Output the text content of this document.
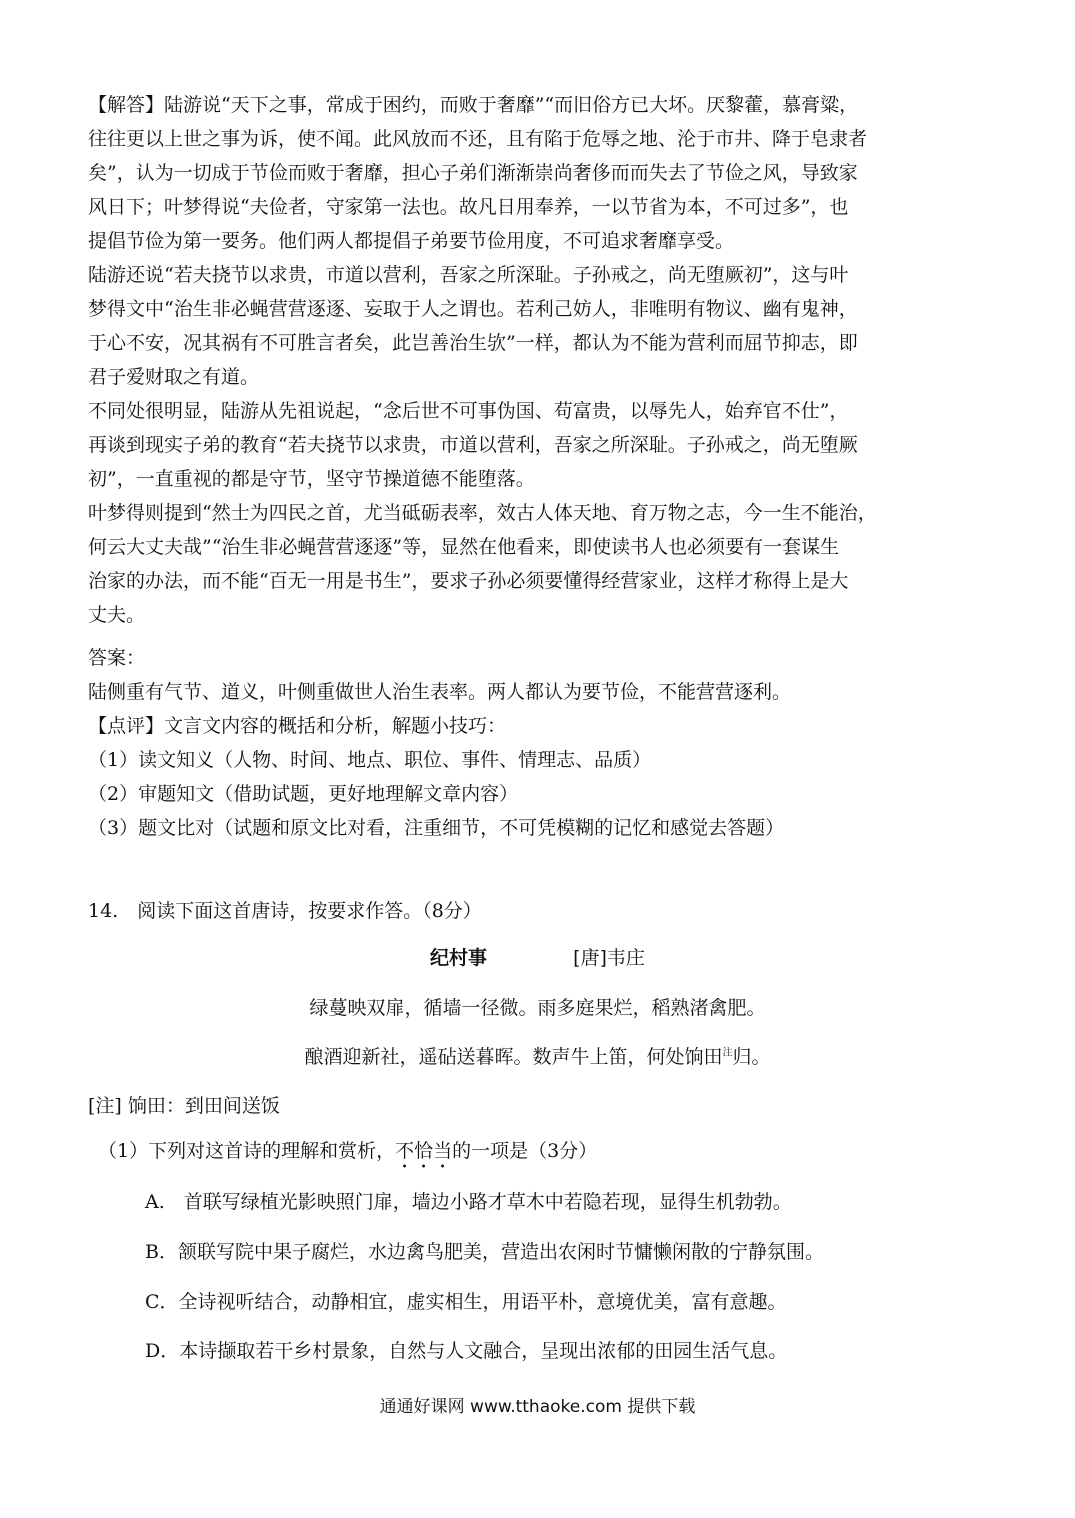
【解答】陆游说“天下之事，常成于困约，而败于奢靡”“而旧俗方已大坏。厌黎藿，慕膏粱，

往往更以上世之事为诉，使不闻。此风放而不还，且有陷于危辱之地、沦于市井、降于皂隶者

矣”，认为一切成于节俭而败于奢靡，担心子弟们渐渐崇尚奢侈而而失去了节俭之风，导致家

风日下；叶梦得说“夫俭者，守家第一法也。故凡日用奉养，一以节省为本，不可过多”，也

提倡节俭为第一要务。他们两人都提倡子弟要节俭用度，不可追求奢靡享受。

陆游还说“若夫挠节以求贵，市道以营利，吾家之所深耻。子孙戒之，尚无堕厥初”，这与叶

梦得文中“治生非必蝇营营逐逐、妄取于人之谓也。若利己妨人，非唯明有物议、幽有鬼神，

于心不安，况其祸有不可胜言者矣，此岂善治生欤”一样，都认为不能为营利而屈节抑志，即

君子爱财取之有道。

不同处很明显，陆游从先祖说起，“念后世不可事伪国、苟富贵，以辱先人，始弃官不仕”，

再谈到现实子弟的教育“若夫挠节以求贵，市道以营利，吾家之所深耻。子孙戒之，尚无堕厥

初”，一直重视的都是守节，坚守节操道德不能堕落。

叶梦得则提到“然士为四民之首，尤当砥砺表率，效古人体天地、育万物之志，今一生不能治，

何云大丈夫哉”“治生非必蝇营营逐逐”等，显然在他看来，即使读书人也必须要有一套谋生

治家的办法，而不能“百无一用是书生”，要求子孙必须要懂得经营家业，这样才称得上是大

丈夫。

答案：

陆侧重有气节、道义，叶侧重做世人治生表率。两人都认为要节俭，不能营营逐利。

【点评】文言文内容的概括和分析，解题小技巧：

（1）读文知义（人物、时间、地点、职位、事件、情理志、品质）

（2）审题知文（借助试题，更好地理解文章内容）

（3）题文比对（试题和原文比对看，注重细节，不可凭模糊的记忆和感觉去答题）

14.　阅读下面这首唐诗，按要求作答。（8分）

纪村事	[唐]韦庄
绿蔓映双扉，循墙一径微。雨多庭果烂，稻熟渚禽肥。
酿酒迎新社，遥砧送暮晖。数声牛上笛，何处饷田$^注$归。
[注] 饷田：到田间送饭
（1）下列对这首诗的理解和赏析，不恰当的一项是（3分）
A.　首联写绿植光影映照门扉，墙边小路才草木中若隐若现，显得生机勃勃。
B．颔联写院中果子腐烂，水边禽鸟肥美，营造出农闲时节慵懒闲散的宁静氛围。
C．全诗视听结合，动静相宜，虚实相生，用语平朴，意境优美，富有意趣。
D．本诗撷取若干乡村景象，自然与人文融合，呈现出浓郁的田园生活气息。
通通好课网 www.tthaoke.com 提供下载
